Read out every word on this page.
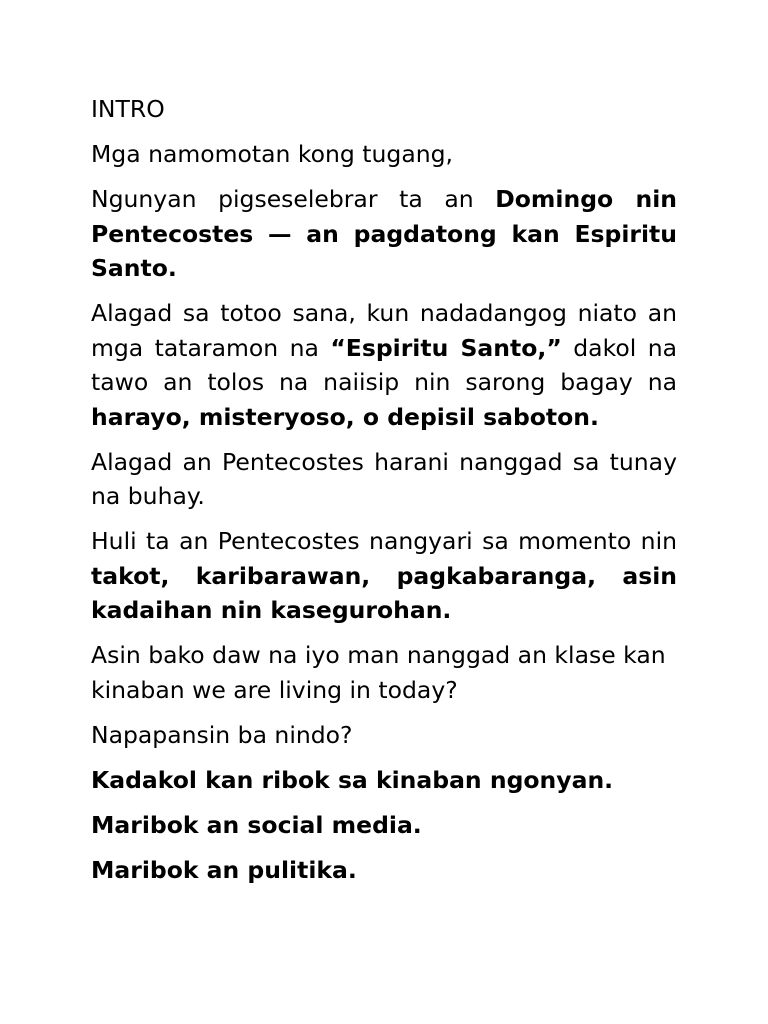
INTRO

Mga namomotan kong tugang,

Ngunyan pigseselebrar ta an Domingo nin Pentecostes — an pagdatong kan Espiritu Santo.

Alagad sa totoo sana, kun nadadangog niato an mga tataramon na “Espiritu Santo,” dakol na tawo an tolos na naiisip nin sarong bagay na harayo, misteryoso, o depisil saboton.

Alagad an Pentecostes harani nanggad sa tunay na buhay.

Huli ta an Pentecostes nangyari sa momento nin takot, karibarawan, pagkabaranga, asin kadaihan nin kasegurohan.

Asin bako daw na iyo man nanggad an klase kan kinaban we are living in today?

Napapansin ba nindo?

Kadakol kan ribok sa kinaban ngonyan.

Maribok an social media.

Maribok an pulitika.
